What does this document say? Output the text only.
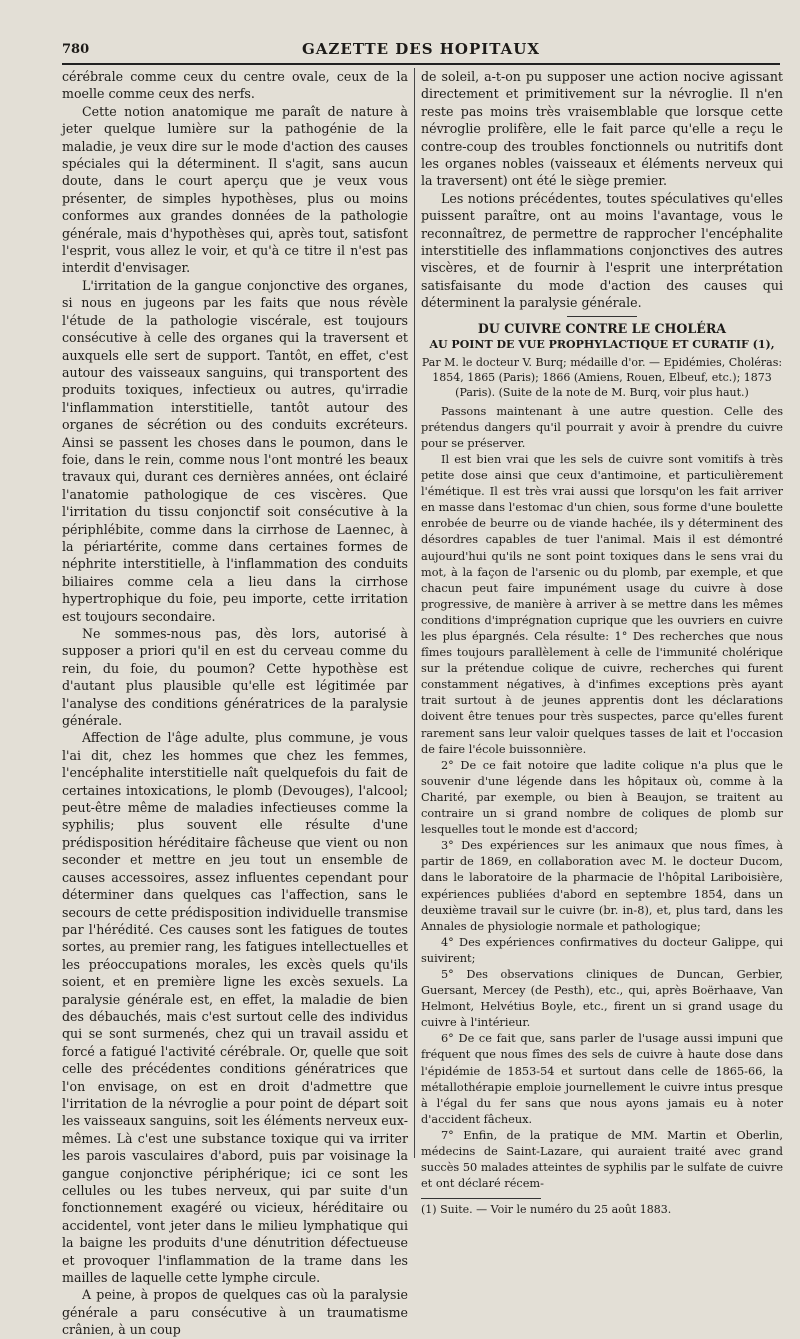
780	GAZETTE DES HOPITAUX

cérébrale comme ceux du centre ovale, ceux de la moelle comme ceux des nerfs.

Cette notion anatomique me paraît de nature à jeter quelque lumière sur la pathogénie de la maladie, je veux dire sur le mode d'action des causes spéciales qui la déterminent. Il s'agit, sans aucun doute, dans le court aperçu que je veux vous présenter, de simples hypothèses, plus ou moins conformes aux grandes données de la pathologie générale, mais d'hypothèses qui, après tout, satisfont l'esprit, vous allez le voir, et qu'à ce titre il n'est pas interdit d'envisager.

L'irritation de la gangue conjonctive des organes, si nous en jugeons par les faits que nous révèle l'étude de la pathologie viscérale, est toujours consécutive à celle des organes qui la traversent et auxquels elle sert de support. Tantôt, en effet, c'est autour des vaisseaux sanguins, qui transportent des produits toxiques, infectieux ou autres, qu'irradie l'inflammation interstitielle, tantôt autour des organes de sécrétion ou des conduits excréteurs. Ainsi se passent les choses dans le poumon, dans le foie, dans le rein, comme nous l'ont montré les beaux travaux qui, durant ces dernières années, ont éclairé l'anatomie pathologique de ces viscères. Que l'irritation du tissu conjonctif soit consécutive à la périphlébite, comme dans la cirrhose de Laennec, à la périartérite, comme dans certaines formes de néphrite interstitielle, à l'inflammation des conduits biliaires comme cela a lieu dans la cirrhose hypertrophique du foie, peu importe, cette irritation est toujours secondaire.

Ne sommes-nous pas, dès lors, autorisé à supposer a priori qu'il en est du cerveau comme du rein, du foie, du poumon? Cette hypothèse est d'autant plus plausible qu'elle est légitimée par l'analyse des conditions génératrices de la paralysie générale.

Affection de l'âge adulte, plus commune, je vous l'ai dit, chez les hommes que chez les femmes, l'encéphalite interstitielle naît quelquefois du fait de certaines intoxications, le plomb (Devouges), l'alcool; peut-être même de maladies infectieuses comme la syphilis; plus souvent elle résulte d'une prédisposition héréditaire fâcheuse que vient ou non seconder et mettre en jeu tout un ensemble de causes accessoires, assez influentes cependant pour déterminer dans quelques cas l'affection, sans le secours de cette prédisposition individuelle transmise par l'hérédité. Ces causes sont les fatigues de toutes sortes, au premier rang, les fatigues intellectuelles et les préoccupations morales, les excès quels qu'ils soient, et en première ligne les excès sexuels. La paralysie générale est, en effet, la maladie de bien des débauchés, mais c'est surtout celle des individus qui se sont surmenés, chez qui un travail assidu et forcé a fatigué l'activité cérébrale. Or, quelle que soit celle des précédentes conditions génératrices que l'on envisage, on est en droit d'admettre que l'irritation de la névroglie a pour point de départ soit les vaisseaux sanguins, soit les éléments nerveux eux-mêmes. Là c'est une substance toxique qui va irriter les parois vasculaires d'abord, puis par voisinage la gangue conjonctive périphérique; ici ce sont les cellules ou les tubes nerveux, qui par suite d'un fonctionnement exagéré ou vicieux, héréditaire ou accidentel, vont jeter dans le milieu lymphatique qui la baigne les produits d'une dénutrition défectueuse et provoquer l'inflammation de la trame dans les mailles de laquelle cette lymphe circule.

A peine, à propos de quelques cas où la paralysie générale a paru consécutive à un traumatisme crânien, à un coup

de soleil, a-t-on pu supposer une action nocive agissant directement et primitivement sur la névroglie. Il n'en reste pas moins très vraisemblable que lorsque cette névroglie prolifère, elle le fait parce qu'elle a reçu le contre-coup des troubles fonctionnels ou nutritifs dont les organes nobles (vaisseaux et éléments nerveux qui la traversent) ont été le siège premier.

Les notions précédentes, toutes spéculatives qu'elles puissent paraître, ont au moins l'avantage, vous le reconnaîtrez, de permettre de rapprocher l'encéphalite interstitielle des inflammations conjonctives des autres viscères, et de fournir à l'esprit une interprétation satisfaisante du mode d'action des causes qui déterminent la paralysie générale.

DU CUIVRE CONTRE LE CHOLÉRA
AU POINT DE VUE PROPHYLACTIQUE ET CURATIF (1),
Par M. le docteur V. Burq; médaille d'or. — Epidémies, Choléras: 1854, 1865 (Paris); 1866 (Amiens, Rouen, Elbeuf, etc.); 1873 (Paris). (Suite de la note de M. Burq, voir plus haut.)

Passons maintenant à une autre question. Celle des prétendus dangers qu'il pourrait y avoir à prendre du cuivre pour se préserver.

Il est bien vrai que les sels de cuivre sont vomitifs à très petite dose ainsi que ceux d'antimoine, et particulièrement l'émétique. Il est très vrai aussi que lorsqu'on les fait arriver en masse dans l'estomac d'un chien, sous forme d'une boulette enrobée de beurre ou de viande hachée, ils y déterminent des désordres capables de tuer l'animal. Mais il est démontré aujourd'hui qu'ils ne sont point toxiques dans le sens vrai du mot, à la façon de l'arsenic ou du plomb, par exemple, et que chacun peut faire impunément usage du cuivre à dose progressive, de manière à arriver à se mettre dans les mêmes conditions d'imprégnation cuprique que les ouvriers en cuivre les plus épargnés. Cela résulte: 1° Des recherches que nous fîmes toujours parallèlement à celle de l'immunité cholérique sur la prétendue colique de cuivre, recherches qui furent constamment négatives, à d'infimes exceptions près ayant trait surtout à de jeunes apprentis dont les déclarations doivent être tenues pour très suspectes, parce qu'elles furent rarement sans leur valoir quelques tasses de lait et l'occasion de faire l'école buissonnière.

2° De ce fait notoire que ladite colique n'a plus que le souvenir d'une légende dans les hôpitaux où, comme à la Charité, par exemple, ou bien à Beaujon, se traitent au contraire un si grand nombre de coliques de plomb sur lesquelles tout le monde est d'accord;

3° Des expériences sur les animaux que nous fîmes, à partir de 1869, en collaboration avec M. le docteur Ducom, dans le laboratoire de la pharmacie de l'hôpital Lariboisière, expériences publiées d'abord en septembre 1854, dans un deuxième travail sur le cuivre (br. in-8), et, plus tard, dans les Annales de physiologie normale et pathologique;

4° Des expériences confirmatives du docteur Galippe, qui suivirent;

5° Des observations cliniques de Duncan, Gerbier, Guersant, Mercey (de Pesth), etc., qui, après Boërhaave, Van Helmont, Helvétius Boyle, etc., firent un si grand usage du cuivre à l'intérieur.

6° De ce fait que, sans parler de l'usage aussi impuni que fréquent que nous fîmes des sels de cuivre à haute dose dans l'épidémie de 1853-54 et surtout dans celle de 1865-66, la métallothérapie emploie journellement le cuivre intus presque à l'égal du fer sans que nous ayons jamais eu à noter d'accident fâcheux.

7° Enfin, de la pratique de MM. Martin et Oberlin, médecins de Saint-Lazare, qui auraient traité avec grand succès 50 malades atteintes de syphilis par le sulfate de cuivre et ont déclaré récem-

(1) Suite. — Voir le numéro du 25 août 1883.
